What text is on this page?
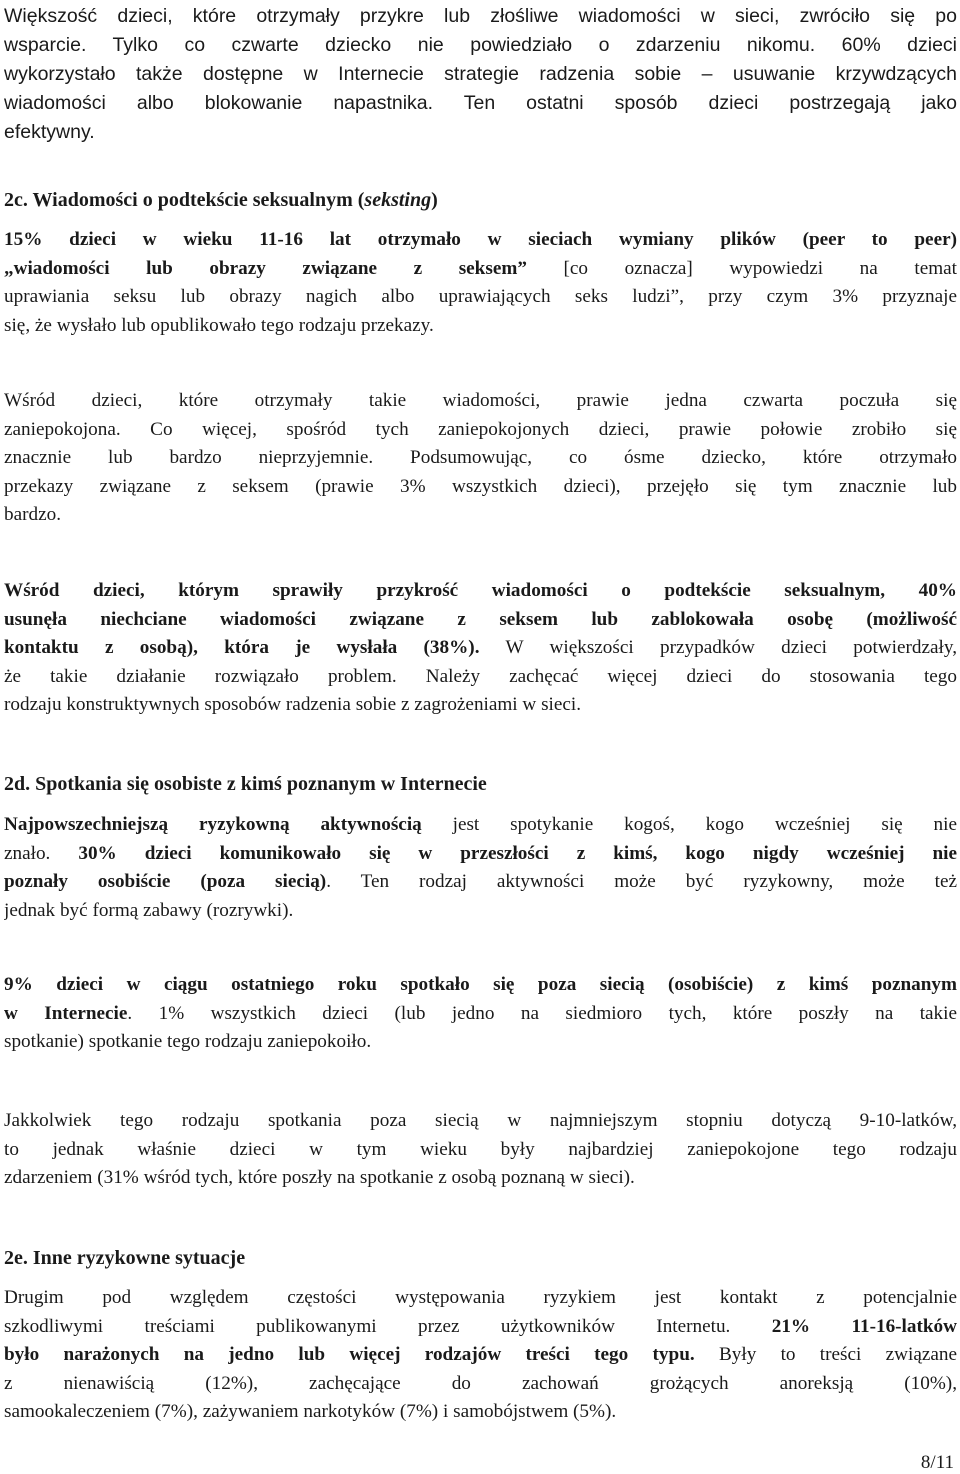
Większość dzieci, które otrzymały przykre lub złośliwe wiadomości w sieci, zwróciło się po
wsparcie. Tylko co czwarte dziecko nie powiedziało o zdarzeniu nikomu. 60% dzieci
wykorzystało także dostępne w Internecie strategie radzenia sobie – usuwanie krzywdzących
wiadomości albo blokowanie napastnika. Ten ostatni sposób dzieci postrzegają jako
efektywny.
2c. Wiadomości o podtekście seksualnym (seksting)
15% dzieci w wieku 11-16 lat otrzymało w sieciach wymiany plików (peer to peer)
„wiadomości lub obrazy związane z seksem” [co oznacza] wypowiedzi na temat
uprawiania seksu lub obrazy nagich albo uprawiających seks ludzi”, przy czym 3% przyznaje
się, że wysłało lub opublikowało tego rodzaju przekazy.
Wśród dzieci, które otrzymały takie wiadomości, prawie jedna czwarta poczuła się
zaniepokojona. Co więcej, spośród tych zaniepokojonych dzieci, prawie połowie zrobiło się
znacznie lub bardzo nieprzyjemnie. Podsumowując, co ósme dziecko, które otrzymało
przekazy związane z seksem (prawie 3% wszystkich dzieci), przejęło się tym znacznie lub
bardzo.
Wśród dzieci, którym sprawiły przykrość wiadomości o podtekście seksualnym, 40%
usunęła niechciane wiadomości związane z seksem lub zablokowała osobę (możliwość
kontaktu z osobą), która je wysłała (38%). W większości przypadków dzieci potwierdzały,
że takie działanie rozwiązało problem. Należy zachęcać więcej dzieci do stosowania tego
rodzaju konstruktywnych sposobów radzenia sobie z zagrożeniami w sieci.
2d. Spotkania się osobiste z kimś poznanym w Internecie
Najpowszechniejszą ryzykowną aktywnością jest spotykanie kogoś, kogo wcześniej się nie
znało. 30% dzieci komunikowało się w przeszłości z kimś, kogo nigdy wcześniej nie
poznały osobiście (poza siecią). Ten rodzaj aktywności może być ryzykowny, może też
jednak być formą zabawy (rozrywki).
9% dzieci w ciągu ostatniego roku spotkało się poza siecią (osobiście) z kimś poznanym
w Internecie. 1% wszystkich dzieci (lub jedno na siedmioro tych, które poszły na takie
spotkanie) spotkanie tego rodzaju zaniepokoiło.
Jakkolwiek tego rodzaju spotkania poza siecią w najmniejszym stopniu dotyczą 9-10-latków,
to jednak właśnie dzieci w tym wieku były najbardziej zaniepokojone tego rodzaju
zdarzeniem (31% wśród tych, które poszły na spotkanie z osobą poznaną w sieci).
2e. Inne ryzykowne sytuacje
Drugim pod względem częstości występowania ryzykiem jest kontakt z potencjalnie
szkodliwymi treściami publikowanymi przez użytkowników Internetu. 21% 11-16-latków
było narażonych na jedno lub więcej rodzajów treści tego typu. Były to treści związane
z nienawiścią (12%), zachęcające do zachowań grożących anoreksją (10%),
samookaleczeniem (7%), zażywaniem narkotyków (7%) i samobójstwem (5%).
8/11
